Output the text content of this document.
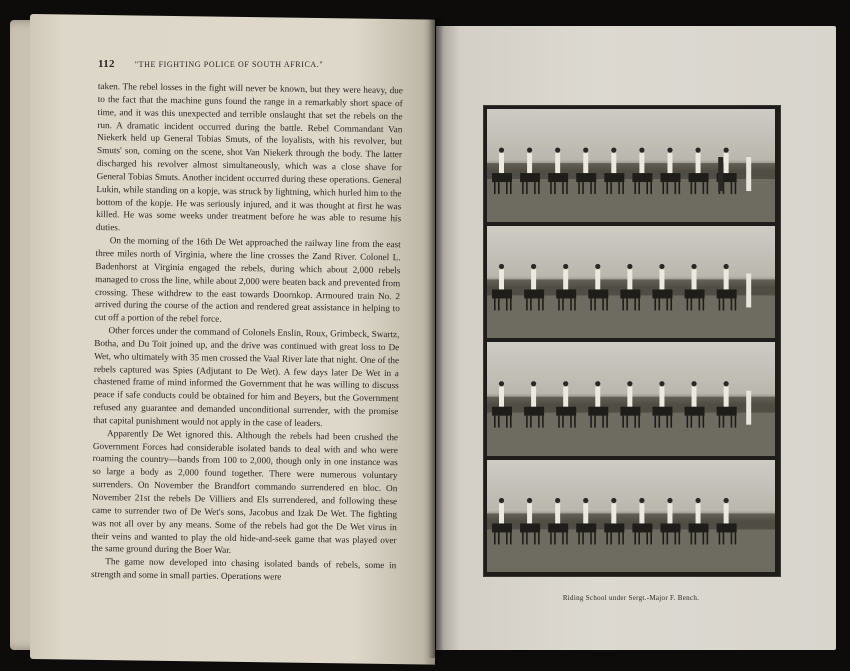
112	"THE FIGHTING POLICE OF SOUTH AFRICA."

taken. The rebel losses in the fight will never be known, but they were heavy, due to the fact that the machine guns found the range in a remarkably short space of time, and it was this unexpected and terrible onslaught that set the rebels on the run. A dramatic incident occurred during the battle. Rebel Commandant Van Niekerk held up General Tobias Smuts, of the loyalists, with his revolver, but Smuts' son, coming on the scene, shot Van Niekerk through the body. The latter discharged his revolver almost simultaneously, which was a close shave for General Tobias Smuts. Another incident occurred during these operations. General Lukin, while standing on a kopje, was struck by lightning, which hurled him to the bottom of the kopje. He was seriously injured, and it was thought at first he was killed. He was some weeks under treatment before he was able to resume his duties.

On the morning of the 16th De Wet approached the railway line from the east three miles north of Virginia, where the line crosses the Zand River. Colonel L. Badenhorst at Virginia engaged the rebels, during which about 2,000 rebels managed to cross the line, while about 2,000 were beaten back and prevented from crossing. These withdrew to the east towards Doornkop. Armoured train No. 2 arrived during the course of the action and rendered great assistance in helping to cut off a portion of the rebel force.

Other forces under the command of Colonels Enslin, Roux, Grimbeck, Swartz, Botha, and Du Toit joined up, and the drive was continued with great loss to De Wet, who ultimately with 35 men crossed the Vaal River late that night. One of the rebels captured was Spies (Adjutant to De Wet). A few days later De Wet in a chastened frame of mind informed the Government that he was willing to discuss peace if safe conducts could be obtained for him and Beyers, but the Government refused any guarantee and demanded unconditional surrender, with the promise that capital punishment would not apply in the case of leaders.

Apparently De Wet ignored this. Although the rebels had been crushed the Government Forces had considerable isolated bands to deal with and who were roaming the country—bands from 100 to 2,000, though only in one instance was so large a body as 2,000 found together. There were numerous voluntary surrenders. On November the Brandfort commando surrendered en bloc. On November 21st the rebels De Villiers and Els surrendered, and following these came to surrender two of De Wet's sons, Jacobus and Izak De Wet. The fighting was not all over by any means. Some of the rebels had got the De Wet virus in their veins and wanted to play the old hide-and-seek game that was played over the same ground during the Boer War.

The game now developed into chasing isolated bands of rebels, some in strength and some in small parties. Operations were

Riding School under Sergt.-Major F. Bench.
